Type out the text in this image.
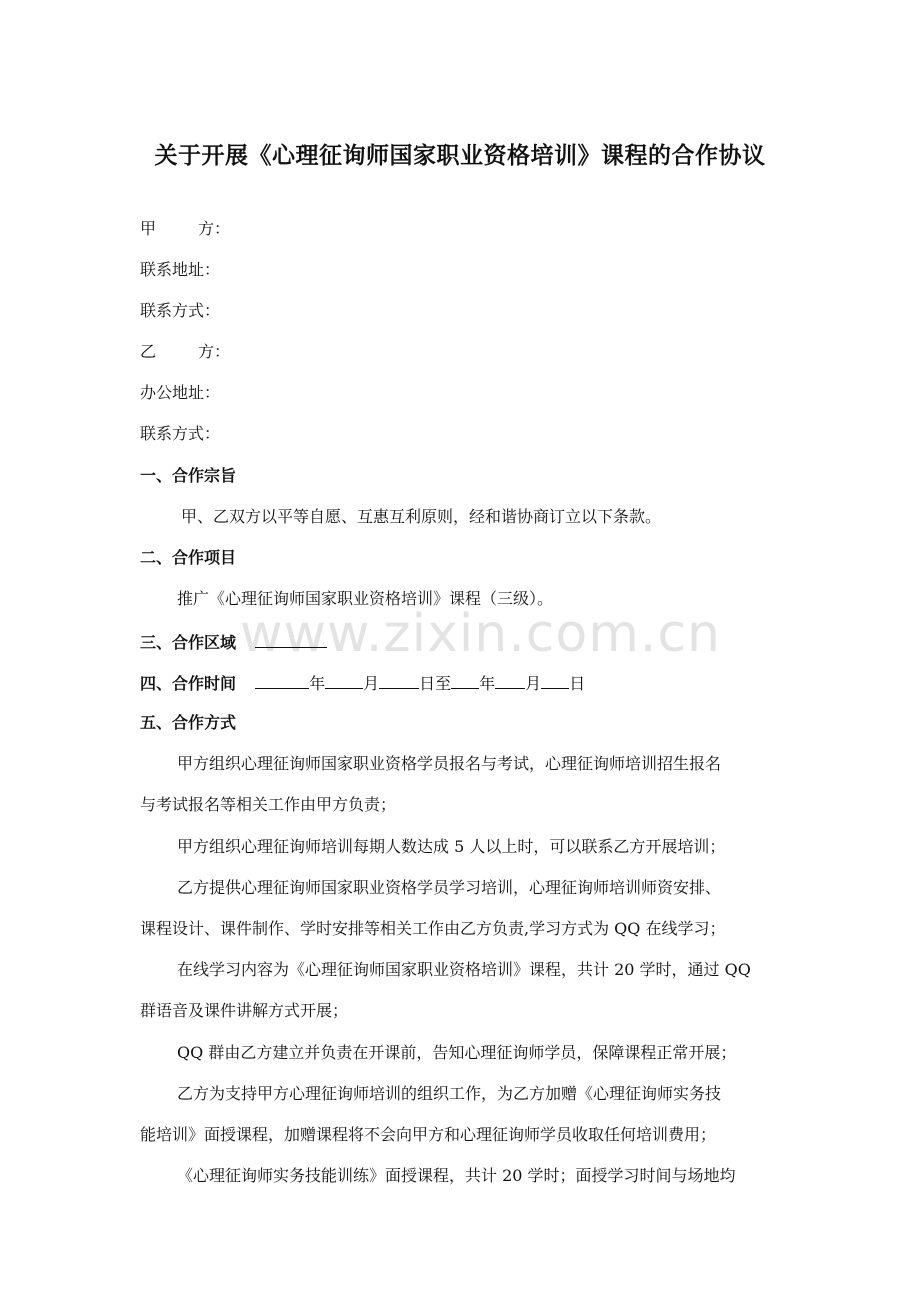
www.zixin.com.cn
关于开展《心理征询师国家职业资格培训》课程的合作协议
甲	方：
联系地址：
联系方式：
乙	方：
办公地址：
联系方式：
一、合作宗旨
甲、乙双方以平等自愿、互惠互利原则，经和谐协商订立以下条款。
二、合作项目
推广《心理征询师国家职业资格培训》课程（三级）。
三、合作区域
四、合作时间	年 月	日至 年 月 日
五、合作方式
甲方组织心理征询师国家职业资格学员报名与考试，心理征询师培训招生报名
与考试报名等相关工作由甲方负责；
甲方组织心理征询师培训每期人数达成 5 人以上时，可以联系乙方开展培训；
乙方提供心理征询师国家职业资格学员学习培训，心理征询师培训师资安排、
课程设计、课件制作、学时安排等相关工作由乙方负责,学习方式为 QQ 在线学习；
在线学习内容为《心理征询师国家职业资格培训》课程，共计 20 学时，通过 QQ
群语音及课件讲解方式开展；
QQ 群由乙方建立并负责在开课前，告知心理征询师学员，保障课程正常开展；
乙方为支持甲方心理征询师培训的组织工作，为乙方加赠《心理征询师实务技
能培训》面授课程，加赠课程将不会向甲方和心理征询师学员收取任何培训费用；
《心理征询师实务技能训练》面授课程，共计 20 学时；面授学习时间与场地均
